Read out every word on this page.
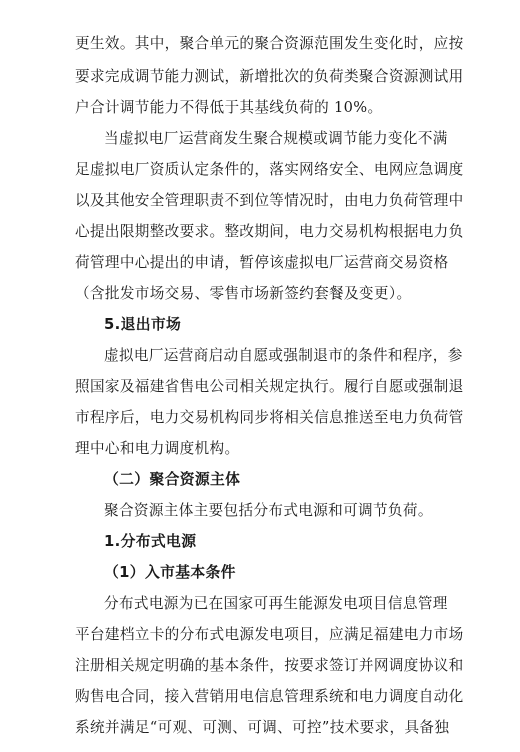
更生效。其中，聚合单元的聚合资源范围发生变化时，应按
要求完成调节能力测试，新增批次的负荷类聚合资源测试用
户合计调节能力不得低于其基线负荷的 10%。
当虚拟电厂运营商发生聚合规模或调节能力变化不满
足虚拟电厂资质认定条件的，落实网络安全、电网应急调度
以及其他安全管理职责不到位等情况时，由电力负荷管理中
心提出限期整改要求。整改期间，电力交易机构根据电力负
荷管理中心提出的申请，暂停该虚拟电厂运营商交易资格
（含批发市场交易、零售市场新签约套餐及变更）。
5.退出市场
虚拟电厂运营商启动自愿或强制退市的条件和程序，参
照国家及福建省售电公司相关规定执行。履行自愿或强制退
市程序后，电力交易机构同步将相关信息推送至电力负荷管
理中心和电力调度机构。
（二）聚合资源主体
聚合资源主体主要包括分布式电源和可调节负荷。
1.分布式电源
（1）入市基本条件
分布式电源为已在国家可再生能源发电项目信息管理
平台建档立卡的分布式电源发电项目，应满足福建电力市场
注册相关规定明确的基本条件，按要求签订并网调度协议和
购售电合同，接入营销用电信息管理系统和电力调度自动化
系统并满足“可观、可测、可调、可控”技术要求，具备独
